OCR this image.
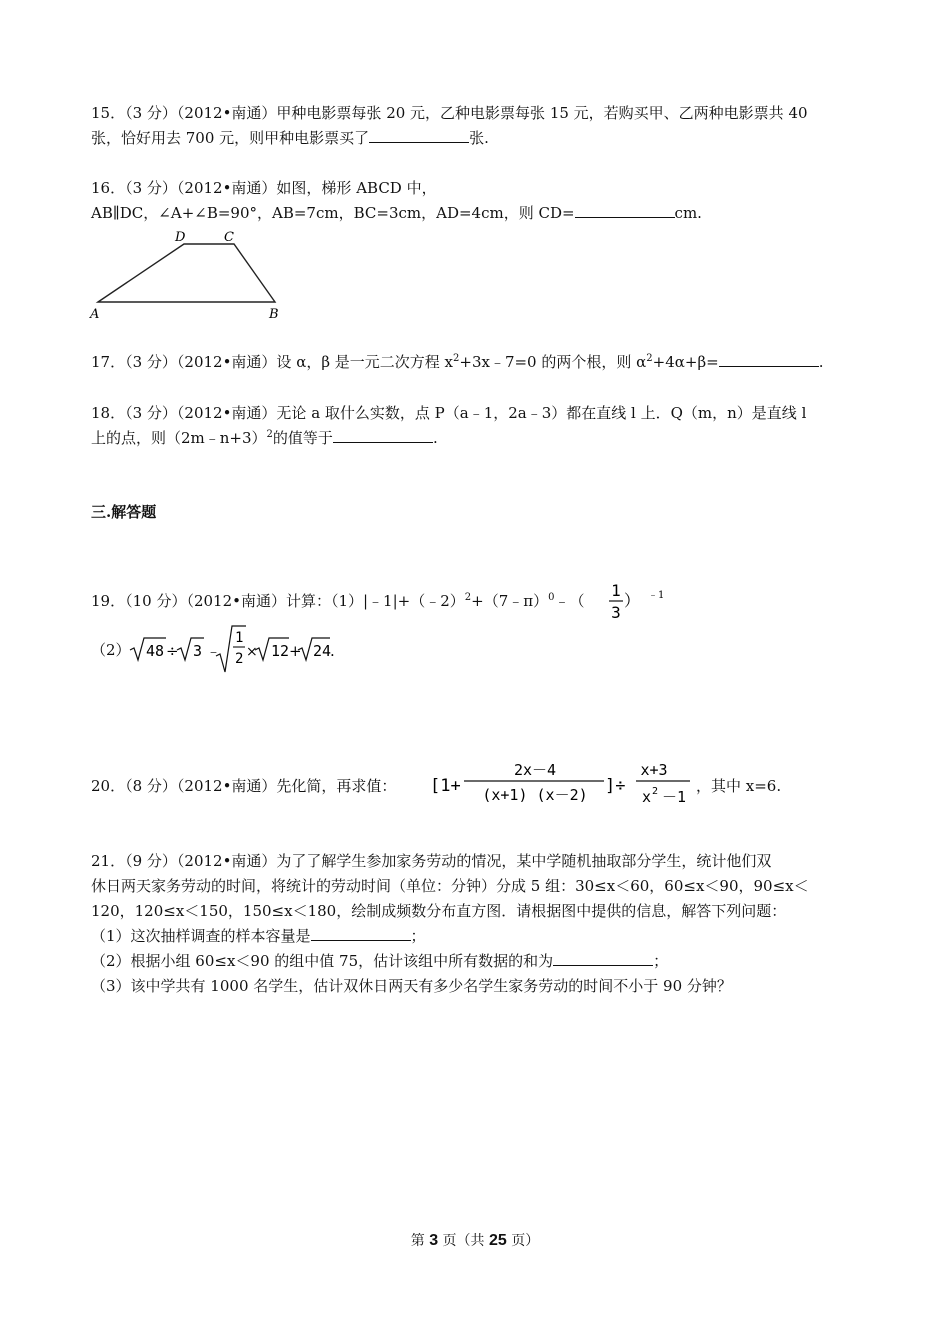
15．（3 分）（2012•南通）甲种电影票每张 20 元，乙种电影票每张 15 元，若购买甲、乙两种电影票共 40
张，恰好用去 700 元，则甲种电影票买了	张.
16．（3 分）（2012•南通）如图，梯形 ABCD 中，
AB∥DC，∠A+∠B=90°，AB=7cm，BC=3cm，AD=4cm，则 CD=	cm.
A	B
C
D
17．（3 分）（2012•南通）设 α，β 是一元二次方程 $x^2+3x﹣7=0$ 的两个根，则 $\alpha^2+4\alpha+\beta=$	.
18．（3 分）（2012•南通）无论 a 取什么实数，点 P（a﹣1，2a﹣3）都在直线 l 上．Q（m，n）是直线 l
上的点，则（2m﹣n+3）$^2$的值等于	.
三.解答题
19．（10 分）（2012•南通）计算：（1）|﹣1|+（﹣2）$^2$+（7﹣π）$^0$﹣（
1
3
） ﹣1
（2） 48 ÷ 3 ﹣
1
2 × 12 + 24
.
20．（8 分）（2012•南通）先化简，再求值： [1+
2x－4
(x+1) (x－2) ]÷
x+3
x 2 －1
，其中 x=6.
21．（9 分）（2012•南通）为了了解学生参加家务劳动的情况，某中学随机抽取部分学生，统计他们双
休日两天家务劳动的时间，将统计的劳动时间（单位：分钟）分成 5 组：30≤x＜60，60≤x＜90，90≤x＜
120，120≤x＜150，150≤x＜180，绘制成频数分布直方图．请根据图中提供的信息，解答下列问题：
（1）这次抽样调查的样本容量是	；
（2）根据小组 60≤x＜90 的组中值 75，估计该组中所有数据的和为	；
（3）该中学共有 1000 名学生，估计双休日两天有多少名学生家务劳动的时间不小于 90 分钟？
第 3 页（共 25 页）
